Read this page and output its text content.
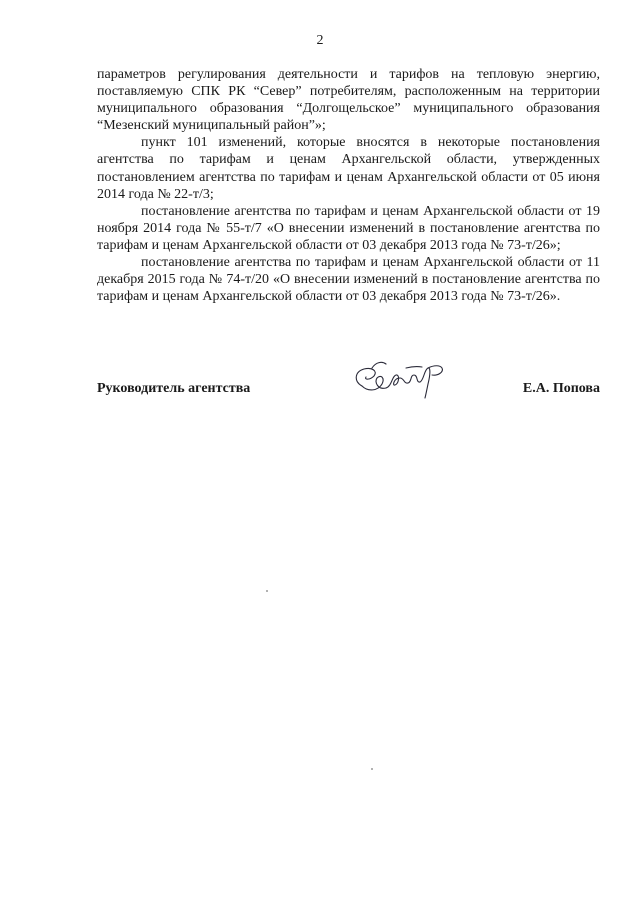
2

параметров регулирования деятельности и тарифов на тепловую энергию, поставляемую СПК РК “Север” потребителям, расположенным на территории муниципального образования “Долгощельское” муниципального образования “Мезенский муниципальный район”»;

пункт 101 изменений, которые вносятся в некоторые постановления агентства по тарифам и ценам Архангельской области, утвержденных постановлением агентства по тарифам и ценам Архангельской области от 05 июня 2014 года № 22-т/3;

постановление агентства по тарифам и ценам Архангельской области от 19 ноября 2014 года № 55-т/7 «О внесении изменений в постановление агентства по тарифам и ценам Архангельской области от 03 декабря 2013 года № 73-т/26»;

постановление агентства по тарифам и ценам Архангельской области от 11 декабря 2015 года № 74-т/20 «О внесении изменений в постановление агентства по тарифам и ценам Архангельской области от 03 декабря 2013 года № 73-т/26».

Руководитель агентства	Е.А. Попова
